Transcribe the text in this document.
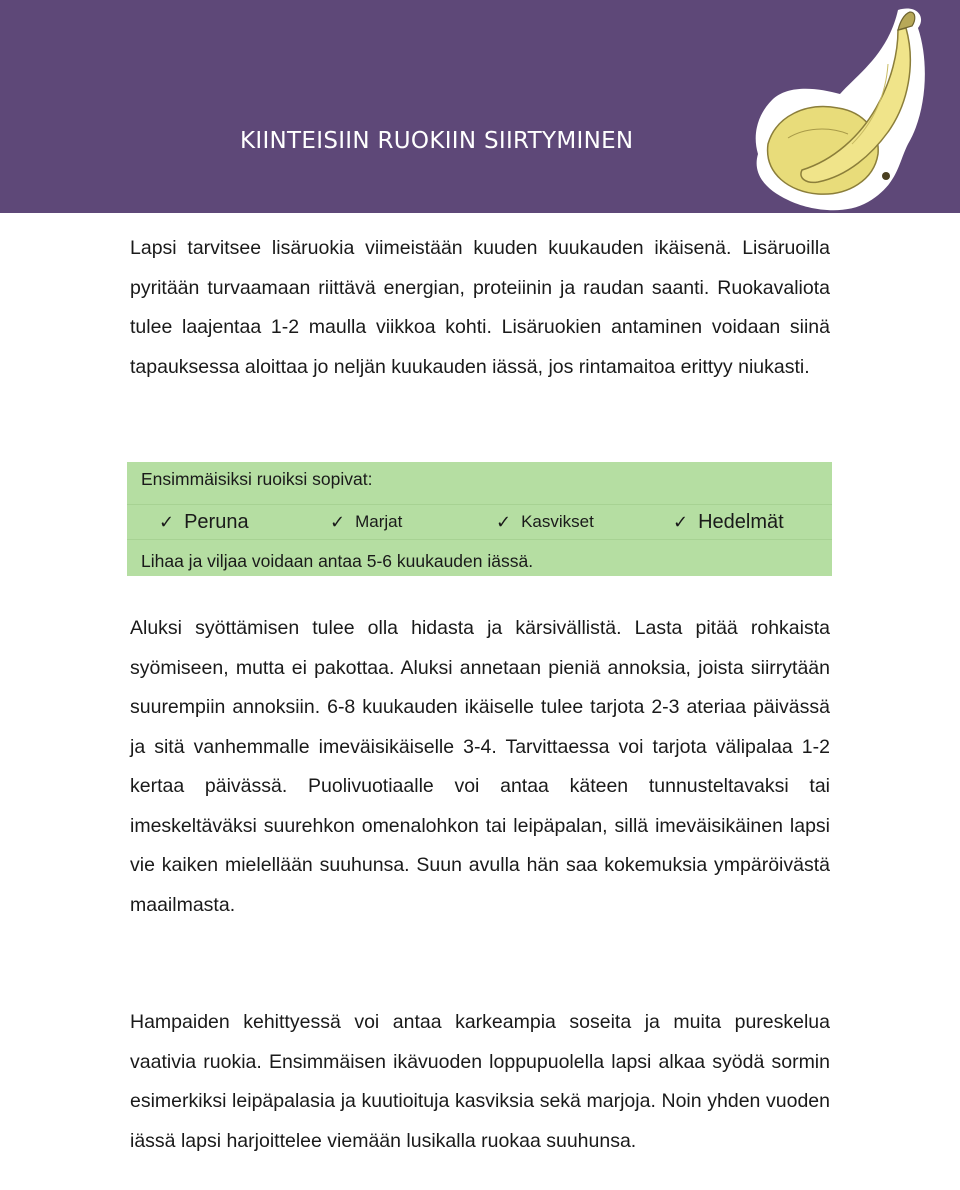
KIINTEISIIN RUOKIIN SIIRTYMINEN

Lapsi tarvitsee lisäruokia viimeistään kuuden kuukauden ikäisenä. Lisäruoilla pyritään turvaamaan riittävä energian, proteiinin ja raudan saanti. Ruokavaliota tulee laajentaa 1-2 maulla viikkoa kohti. Lisäruokien antaminen voidaan siinä tapauksessa aloittaa jo neljän kuukauden iässä, jos rintamaitoa erittyy niukasti.

Ensimmäisiksi ruoiksi sopivat:
✓ Peruna	✓ Marjat	✓ Kasvikset	✓ Hedelmät
Lihaa ja viljaa voidaan antaa 5-6 kuukauden iässä.

Aluksi syöttämisen tulee olla hidasta ja kärsivällistä. Lasta pitää rohkaista syömiseen, mutta ei pakottaa. Aluksi annetaan pieniä annoksia, joista siirrytään suurempiin annoksiin. 6-8 kuukauden ikäiselle tulee tarjota 2-3 ateriaa päivässä ja sitä vanhemmalle imeväisikäiselle 3-4. Tarvittaessa voi tarjota välipalaa 1-2 kertaa päivässä. Puolivuotiaalle voi antaa käteen tunnusteltavaksi tai imeskeltäväksi suurehkon omenalohkon tai leipäpalan, sillä imeväisikäinen lapsi vie kaiken mielellään suuhunsa. Suun avulla hän saa kokemuksia ympäröivästä maailmasta.

Hampaiden kehittyessä voi antaa karkeampia soseita ja muita pureskelua vaativia ruokia. Ensimmäisen ikävuoden loppupuolella lapsi alkaa syödä sormin esimerkiksi leipäpalasia ja kuutioituja kasviksia sekä marjoja. Noin yhden vuoden iässä lapsi harjoittelee viemään lusikalla ruokaa suuhunsa.
